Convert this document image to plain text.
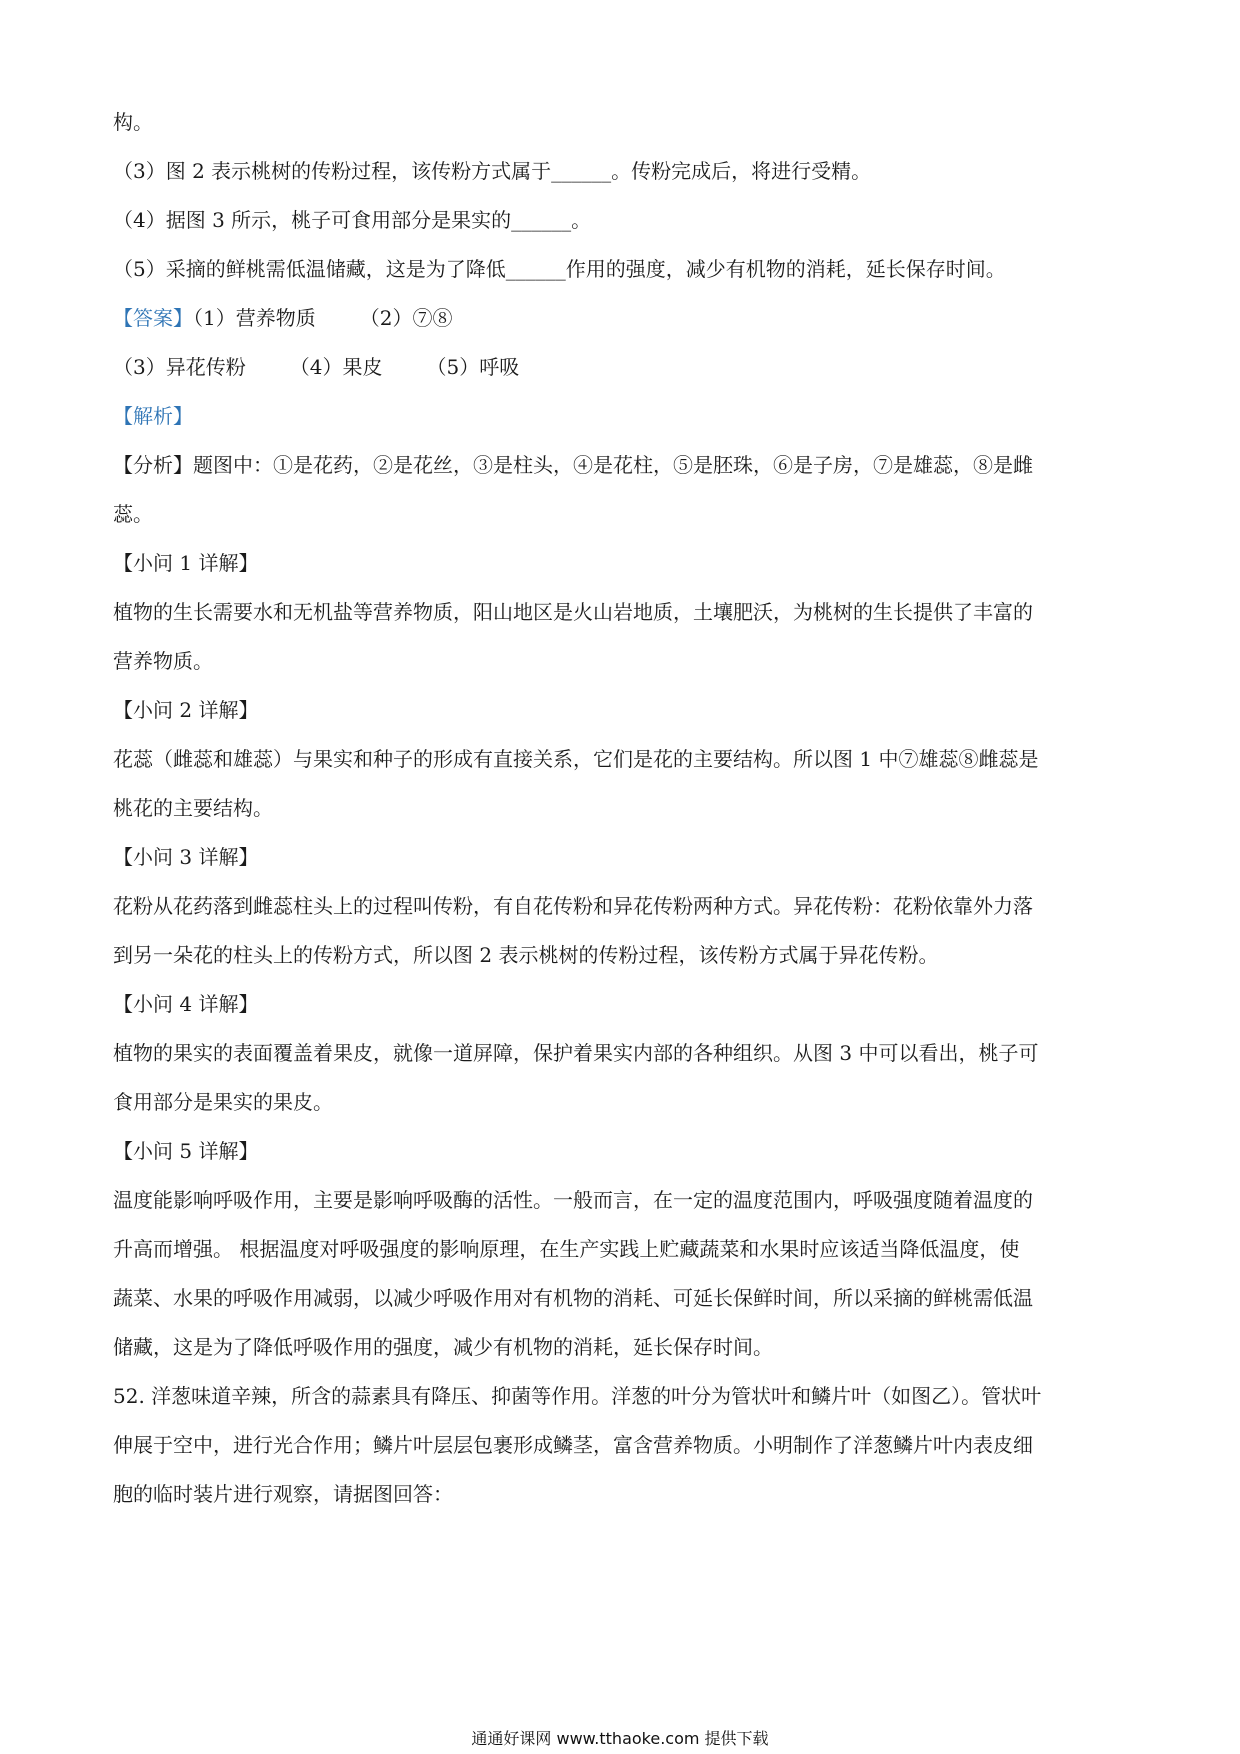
构。
（3）图 2 表示桃树的传粉过程，该传粉方式属于______。传粉完成后，将进行受精。
（4）据图 3 所示，桃子可食用部分是果实的______。
（5）采摘的鲜桃需低温储藏，这是为了降低______作用的强度，减少有机物的消耗，延长保存时间。
【答案】（1）营养物质 （2）⑦⑧
（3）异花传粉 （4）果皮 （5）呼吸
【解析】
【分析】题图中：①是花药，②是花丝，③是柱头，④是花柱，⑤是胚珠，⑥是子房，⑦是雄蕊，⑧是雌
蕊。
【小问 1 详解】
植物的生长需要水和无机盐等营养物质，阳山地区是火山岩地质，土壤肥沃，为桃树的生长提供了丰富的
营养物质。
【小问 2 详解】
花蕊（雌蕊和雄蕊）与果实和种子的形成有直接关系，它们是花的主要结构。所以图 1 中⑦雄蕊⑧雌蕊是
桃花的主要结构。
【小问 3 详解】
花粉从花药落到雌蕊柱头上的过程叫传粉，有自花传粉和异花传粉两种方式。异花传粉：花粉依靠外力落
到另一朵花的柱头上的传粉方式，所以图 2 表示桃树的传粉过程，该传粉方式属于异花传粉。
【小问 4 详解】
植物的果实的表面覆盖着果皮，就像一道屏障，保护着果实内部的各种组织。从图 3 中可以看出，桃子可
食用部分是果实的果皮。
【小问 5 详解】
温度能影响呼吸作用，主要是影响呼吸酶的活性。一般而言，在一定的温度范围内，呼吸强度随着温度的
升高而增强。 根据温度对呼吸强度的影响原理，在生产实践上贮藏蔬菜和水果时应该适当降低温度，使
蔬菜、水果的呼吸作用减弱，以减少呼吸作用对有机物的消耗、可延长保鲜时间，所以采摘的鲜桃需低温
储藏，这是为了降低呼吸作用的强度，减少有机物的消耗，延长保存时间。
52. 洋葱味道辛辣，所含的蒜素具有降压、抑菌等作用。洋葱的叶分为管状叶和鳞片叶（如图乙）。管状叶
伸展于空中，进行光合作用；鳞片叶层层包裹形成鳞茎，富含营养物质。小明制作了洋葱鳞片叶内表皮细
胞的临时装片进行观察，请据图回答：
通通好课网 www.tthaoke.com 提供下载
